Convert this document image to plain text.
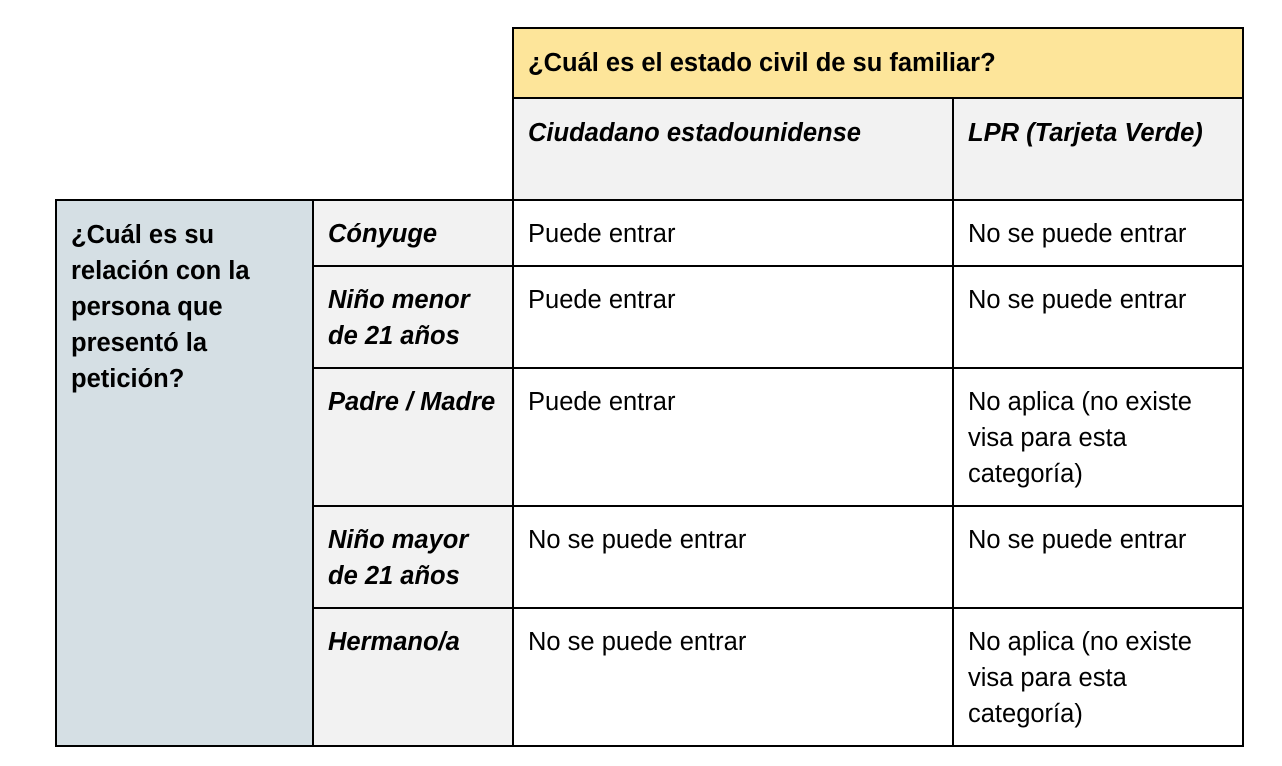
		¿Cuál es el estado civil de su familiar?	
		Ciudadano estadounidense	LPR (Tarjeta Verde)
¿Cuál es su relación con la persona que presentó la petición?	Cónyuge	Puede entrar	No se puede entrar
	Niño menor de 21 años	Puede entrar	No se puede entrar
	Padre / Madre	Puede entrar	No aplica (no existe visa para esta categoría)
	Niño mayor de 21 años	No se puede entrar	No se puede entrar
	Hermano/a	No se puede entrar	No aplica (no existe visa para esta categoría)
